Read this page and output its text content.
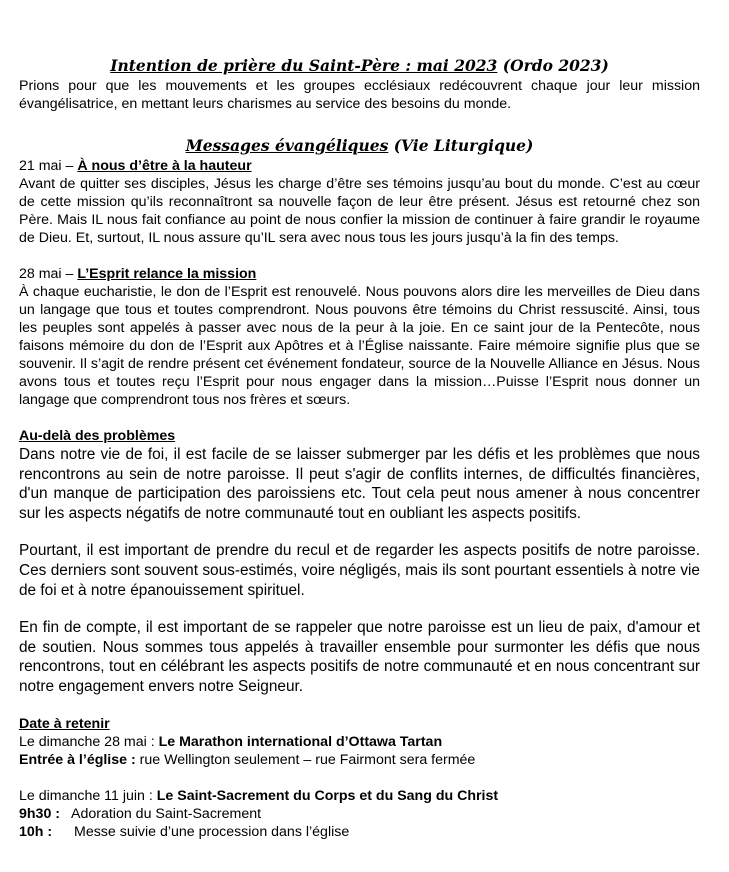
Intention de prière du Saint-Père : mai 2023 (Ordo 2023)

Prions pour que les mouvements et les groupes ecclésiaux redécouvrent chaque jour leur mission évangélisatrice, en mettant leurs charismes au service des besoins du monde.

Messages évangéliques (Vie Liturgique)

21 mai – À nous d’être à la hauteur

Avant de quitter ses disciples, Jésus les charge d’être ses témoins jusqu’au bout du monde. C’est au cœur de cette mission qu’ils reconnaîtront sa nouvelle façon de leur être présent. Jésus est retourné chez son Père. Mais IL nous fait confiance au point de nous confier la mission de continuer à faire grandir le royaume de Dieu. Et, surtout, IL nous assure qu’IL sera avec nous tous les jours jusqu’à la fin des temps.

28 mai – L’Esprit relance la mission

À chaque eucharistie, le don de l’Esprit est renouvelé. Nous pouvons alors dire les merveilles de Dieu dans un langage que tous et toutes comprendront. Nous pouvons être témoins du Christ ressuscité. Ainsi, tous les peuples sont appelés à passer avec nous de la peur à la joie. En ce saint jour de la Pentecôte, nous faisons mémoire du don de l’Esprit aux Apôtres et à l’Église naissante. Faire mémoire signifie plus que se souvenir. Il s’agit de rendre présent cet événement fondateur, source de la Nouvelle Alliance en Jésus. Nous avons tous et toutes reçu l’Esprit pour nous engager dans la mission…Puisse l’Esprit nous donner un langage que comprendront tous nos frères et sœurs.

Au-delà des problèmes

Dans notre vie de foi, il est facile de se laisser submerger par les défis et les problèmes que nous rencontrons au sein de notre paroisse. Il peut s'agir de conflits internes, de difficultés financières, d'un manque de participation des paroissiens etc. Tout cela peut nous amener à nous concentrer sur les aspects négatifs de notre communauté tout en oubliant les aspects positifs.

Pourtant, il est important de prendre du recul et de regarder les aspects positifs de notre paroisse. Ces derniers sont souvent sous-estimés, voire négligés, mais ils sont pourtant essentiels à notre vie de foi et à notre épanouissement spirituel.

En fin de compte, il est important de se rappeler que notre paroisse est un lieu de paix, d'amour et de soutien. Nous sommes tous appelés à travailler ensemble pour surmonter les défis que nous rencontrons, tout en célébrant les aspects positifs de notre communauté et en nous concentrant sur notre engagement envers notre Seigneur.

Date à retenir

Le dimanche 28 mai : Le Marathon international d’Ottawa Tartan

Entrée à l’église : rue Wellington seulement – rue Fairmont sera fermée

Le dimanche 11 juin : Le Saint-Sacrement du Corps et du Sang du Christ

9h30 : Adoration du Saint-Sacrement

10h : Messe suivie d’une procession dans l’église
